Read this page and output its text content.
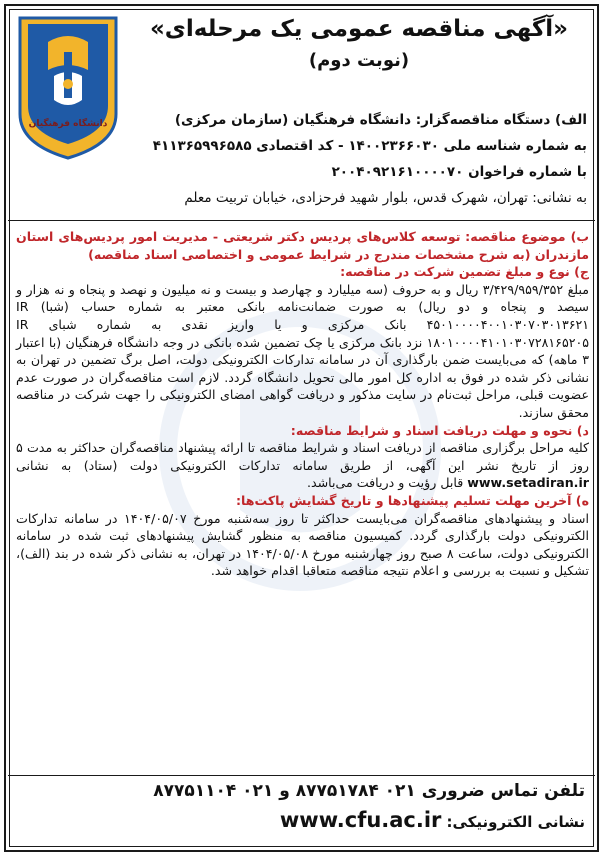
دانشگاه فرهنگیان
«آگهی مناقصه عمومی یک مرحله‌ای»
(نوبت دوم)
الف) دستگاه مناقصه‌گزار: دانشگاه فرهنگیان (سازمان مرکزی)
به شماره شناسه ملی ۱۴۰۰۲۳۶۶۰۳۰ - کد اقتصادی ۴۱۱۳۶۵۹۹۶۵۸۵
با شماره فراخوان ۲۰۰۴۰۹۲۱۶۱۰۰۰۰۷۰
به نشانی: تهران، شهرک قدس، بلوار شهید فرحزادی، خیابان تربیت معلم

ب) موضوع مناقصه: توسعه کلاس‌های پردیس دکتر شریعتی - مدیریت امور پردیس‌های استان مازندران (به شرح مشخصات مندرج در شرایط عمومی و اختصاصی اسناد مناقصه)

ج) نوع و مبلغ تضمین شرکت در مناقصه:

مبلغ ۳/۴۲۹/۹۵۹/۳۵۲ ریال و به حروف (سه میلیارد و چهارصد و بیست و نه میلیون و نهصد و پنجاه و نه هزار و سیصد و پنجاه و دو ریال) به صورت ضمانت‌نامه بانکی معتبر به شماره حساب (شبا) IR ۴۵۰۱۰۰۰۰۴۰۰۱۰۳۰۷۰۳۰۱۳۶۲۱ بانک مرکزی و یا واریز نقدی به شماره شبای IR ۱۸۰۱۰۰۰۰۴۱۰۱۰۳۰۷۲۸۱۶۵۲۰۵ نزد بانک مرکزی یا چک تضمین شده بانکی در وجه دانشگاه فرهنگیان (با اعتبار ۳ ماهه) که می‌بایست ضمن بارگذاری آن در سامانه تدارکات الکترونیکی دولت، اصل برگ تضمین در تهران به نشانی ذکر شده در فوق به اداره کل امور مالی تحویل دانشگاه گردد. لازم است مناقصه‌گران در صورت عدم عضویت قبلی، مراحل ثبت‌نام در سایت مذکور و دریافت گواهی امضای الکترونیکی را جهت شرکت در مناقصه محقق سازند.

د) نحوه و مهلت دریافت اسناد و شرایط مناقصه:

کلیه مراحل برگزاری مناقصه از دریافت اسناد و شرایط مناقصه تا ارائه پیشنهاد مناقصه‌گران حداکثر به مدت ۵ روز از تاریخ نشر این آگهی، از طریق سامانه تدارکات الکترونیکی دولت (ستاد) به نشانی www.setadiran.ir قابل رؤیت و دریافت می‌باشد.

ه) آخرین مهلت تسلیم پیشنهادها و تاریخ گشایش پاکت‌ها:

اسناد و پیشنهادهای مناقصه‌گران می‌بایست حداکثر تا روز سه‌شنبه مورخ ۱۴۰۴/۰۵/۰۷ در سامانه تدارکات الکترونیکی دولت بارگذاری گردد. کمیسیون مناقصه به منظور گشایش پیشنهادهای ثبت شده در سامانه الکترونیکی دولت، ساعت ۸ صبح روز چهارشنبه مورخ ۱۴۰۴/۰۵/۰۸ در تهران، به نشانی ذکر شده در بند (الف)، تشکیل و نسبت به بررسی و اعلام نتیجه مناقصه متعاقبا اقدام خواهد شد.

تلفن تماس ضروری ۰۲۱ ۸۷۷۵۱۷۸۴ و ۰۲۱ ۸۷۷۵۱۱۰۴
نشانی الکترونیکی: www.cfu.ac.ir
